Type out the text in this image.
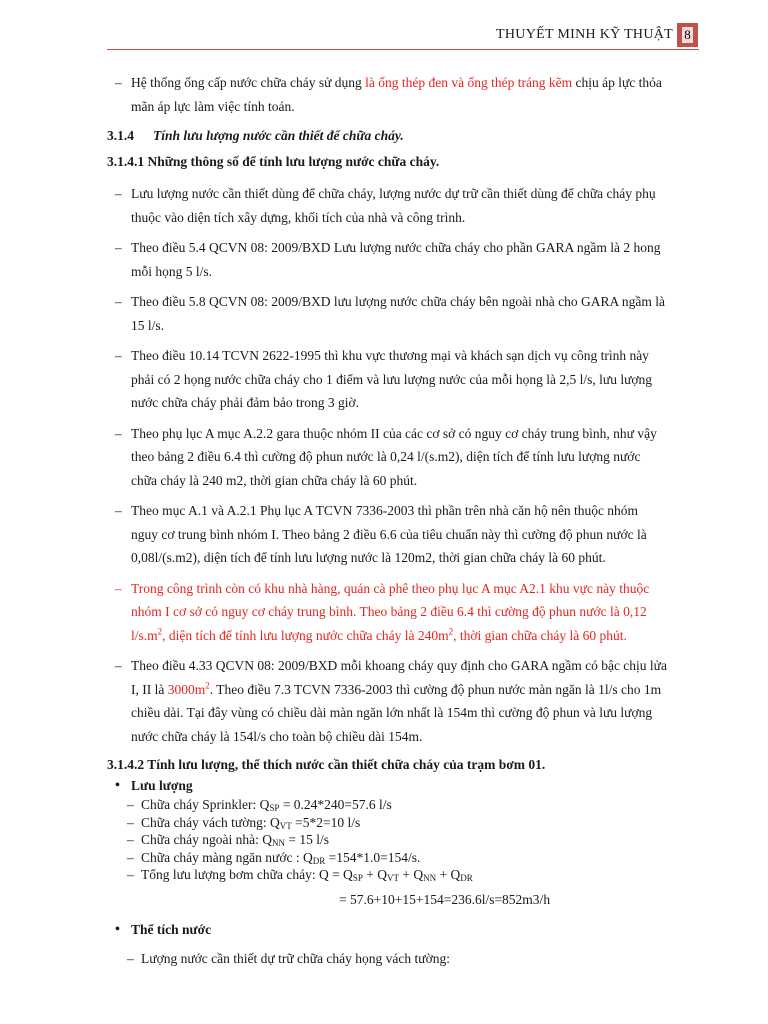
THUYẾT MINH KỸ THUẬT 8
– Hệ thống ống cấp nước chữa cháy sử dụng là ống thép đen và ống thép tráng kẽm chịu áp lực thỏa mãn áp lực làm việc tính toán.
3.1.4 Tính lưu lượng nước cần thiết để chữa cháy.
3.1.4.1 Những thông số để tính lưu lượng nước chữa cháy.
– Lưu lượng nước cần thiết dùng để chữa cháy, lượng nước dự trữ cần thiết dùng để chữa cháy phụ thuộc vào diện tích xây dựng, khối tích của nhà và công trình.
– Theo điều 5.4 QCVN 08: 2009/BXD Lưu lượng nước chữa cháy cho phần GARA ngầm là 2 hong mỗi họng 5 l/s.
– Theo điều 5.8 QCVN 08: 2009/BXD lưu lượng nước chữa cháy bên ngoài nhà cho GARA ngầm là 15 l/s.
– Theo điều 10.14 TCVN 2622-1995 thì khu vực thương mại và khách sạn dịch vụ công trình này phải có 2 họng nước chữa cháy cho 1 điểm và lưu lượng nước của mỗi họng là 2,5 l/s, lưu lượng nước chữa cháy phải đảm bảo trong 3 giờ.
– Theo phụ lục A mục A.2.2 gara thuộc nhóm II của các cơ sở có nguy cơ cháy trung bình, như vậy theo bảng 2 điều 6.4 thì cường độ phun nước là 0,24 l/(s.m2), diện tích để tính lưu lượng nước chữa cháy là 240 m2, thời gian chữa cháy là 60 phút.
– Theo mục A.1 và A.2.1 Phụ lục A TCVN 7336-2003 thì phần trên nhà căn hộ nên thuộc nhóm nguy cơ trung bình nhóm I. Theo bảng 2 điều 6.6 của tiêu chuẩn này thì cường độ phun nước là 0,08l/(s.m2), diện tích để tính lưu lượng nước là 120m2, thời gian chữa cháy là 60 phút.
– Trong công trình còn có khu nhà hàng, quán cà phê theo phụ lục A mục A2.1 khu vực này thuộc nhóm I cơ sở có nguy cơ cháy trung bình. Theo bảng 2 điều 6.4 thì cường độ phun nước là 0,12 $l/s.m^2$, diện tích để tính lưu lượng nước chữa cháy là $240m^2$, thời gian chữa cháy là 60 phút.
– Theo điều 4.33 QCVN 08: 2009/BXD mỗi khoang cháy quy định cho GARA ngầm có bậc chịu lửa I, II là $3000m^2$. Theo điều 7.3 TCVN 7336-2003 thì cường độ phun nước màn ngăn là 1l/s cho 1m chiều dài. Tại đây vùng có chiều dài màn ngăn lớn nhất là 154m thì cường độ phun và lưu lượng nước chữa cháy là 154l/s cho toàn bộ chiều dài 154m.
3.1.4.2 Tính lưu lượng, thể thích nước cần thiết chữa cháy của trạm bơm 01.
• Lưu lượng
– Chữa cháy Sprinkler: $Q_{SP} = 0.24*240=57.6$ l/s
– Chữa cháy vách tường: $Q_{VT} =5*2=10$ l/s
– Chữa cháy ngoài nhà: $Q_{NN} = 15$ l/s
– Chữa cháy màng ngăn nước : $Q_{DR} =154*1.0=154/s$.
– Tổng lưu lượng bơm chữa cháy: $Q = Q_{SP} + Q_{VT} + Q_{NN} + Q_{DR}$
= 57.6+10+15+154=236.6l/s=852m3/h
• Thể tích nước
– Lượng nước cần thiết dự trữ chữa cháy họng vách tường:
